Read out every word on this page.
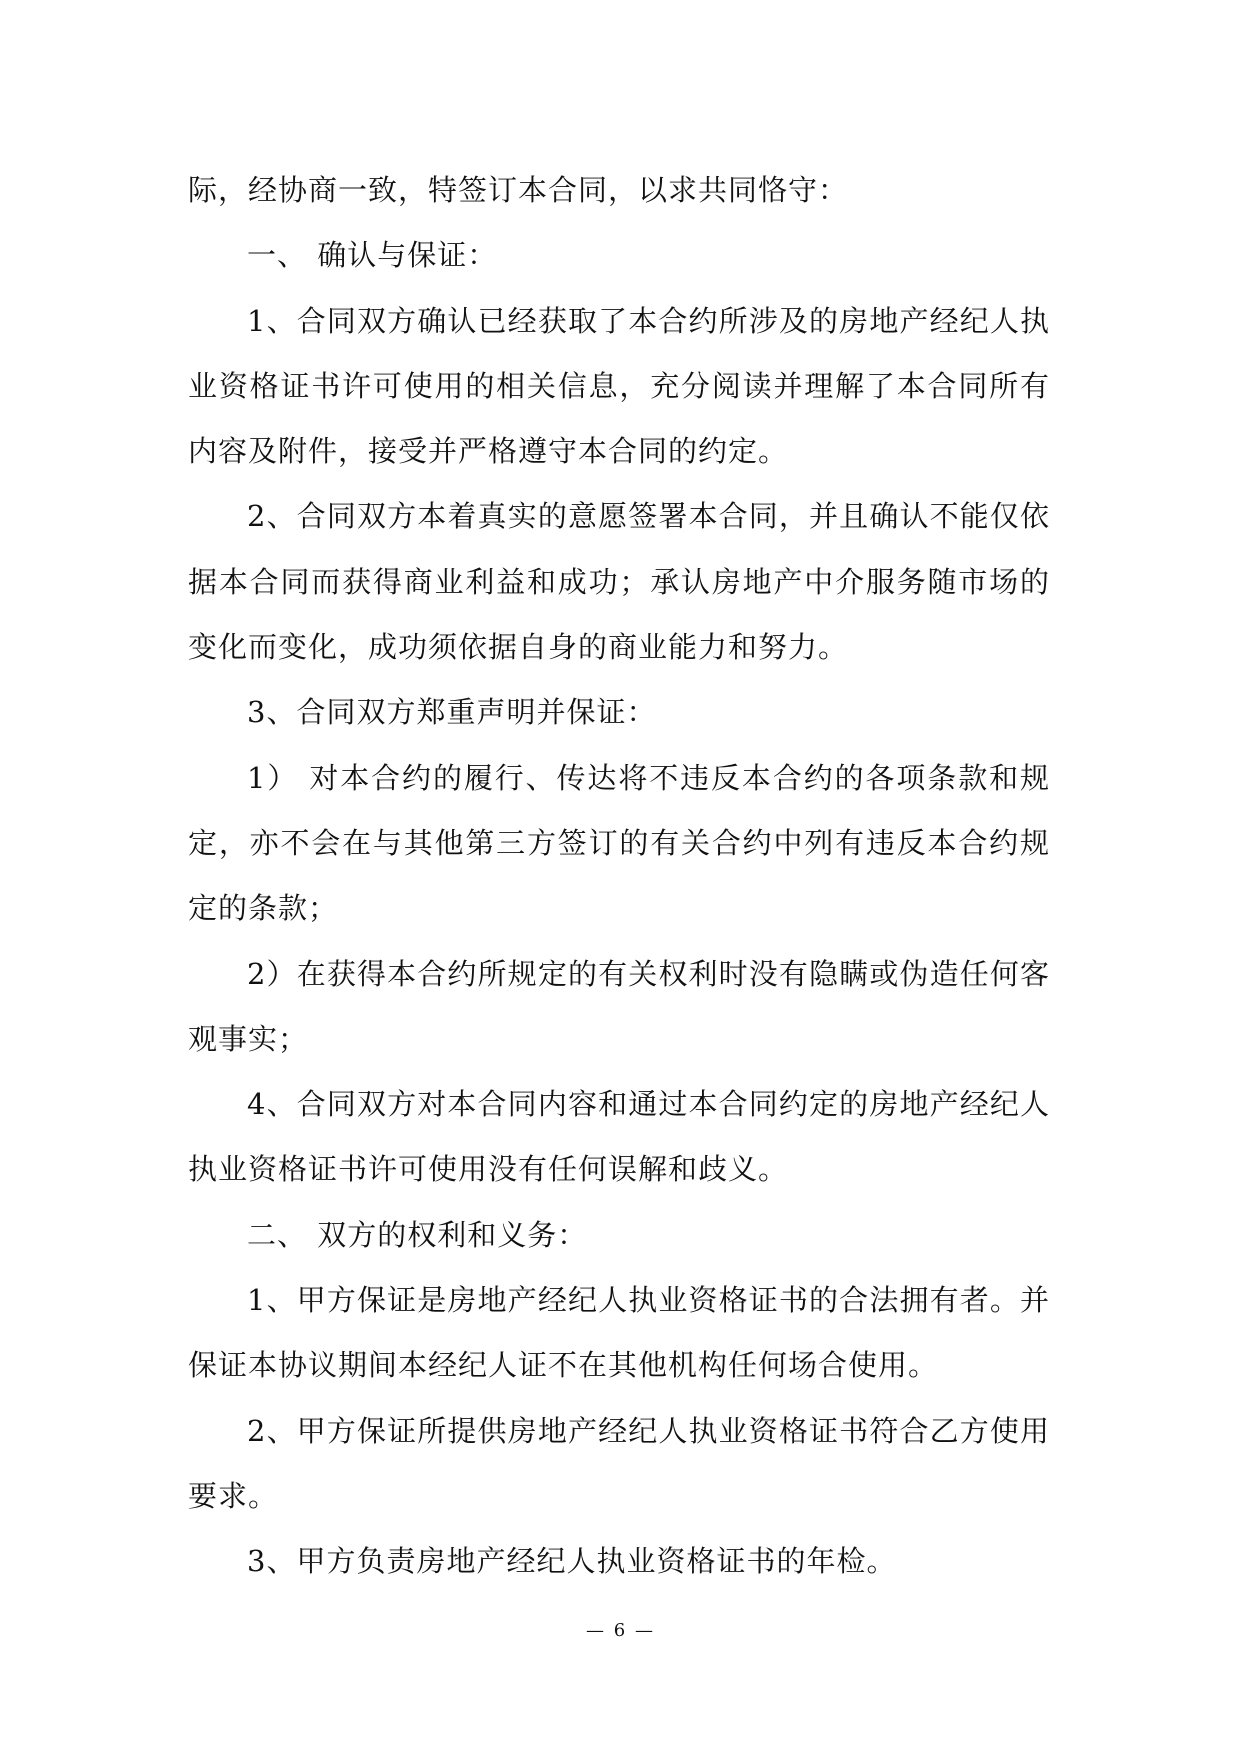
际，经协商一致，特签订本合同，以求共同恪守：

一、 确认与保证：

1、合同双方确认已经获取了本合约所涉及的房地产经纪人执业资格证书许可使用的相关信息，充分阅读并理解了本合同所有内容及附件，接受并严格遵守本合同的约定。

2、合同双方本着真实的意愿签署本合同，并且确认不能仅依据本合同而获得商业利益和成功；承认房地产中介服务随市场的变化而变化，成功须依据自身的商业能力和努力。

3、合同双方郑重声明并保证：

1） 对本合约的履行、传达将不违反本合约的各项条款和规定，亦不会在与其他第三方签订的有关合约中列有违反本合约规定的条款；

2）在获得本合约所规定的有关权利时没有隐瞒或伪造任何客观事实；

4、合同双方对本合同内容和通过本合同约定的房地产经纪人执业资格证书许可使用没有任何误解和歧义。

二、 双方的权利和义务：

1、甲方保证是房地产经纪人执业资格证书的合法拥有者。并保证本协议期间本经纪人证不在其他机构任何场合使用。

2、甲方保证所提供房地产经纪人执业资格证书符合乙方使用要求。

3、甲方负责房地产经纪人执业资格证书的年检。

— 6 —
